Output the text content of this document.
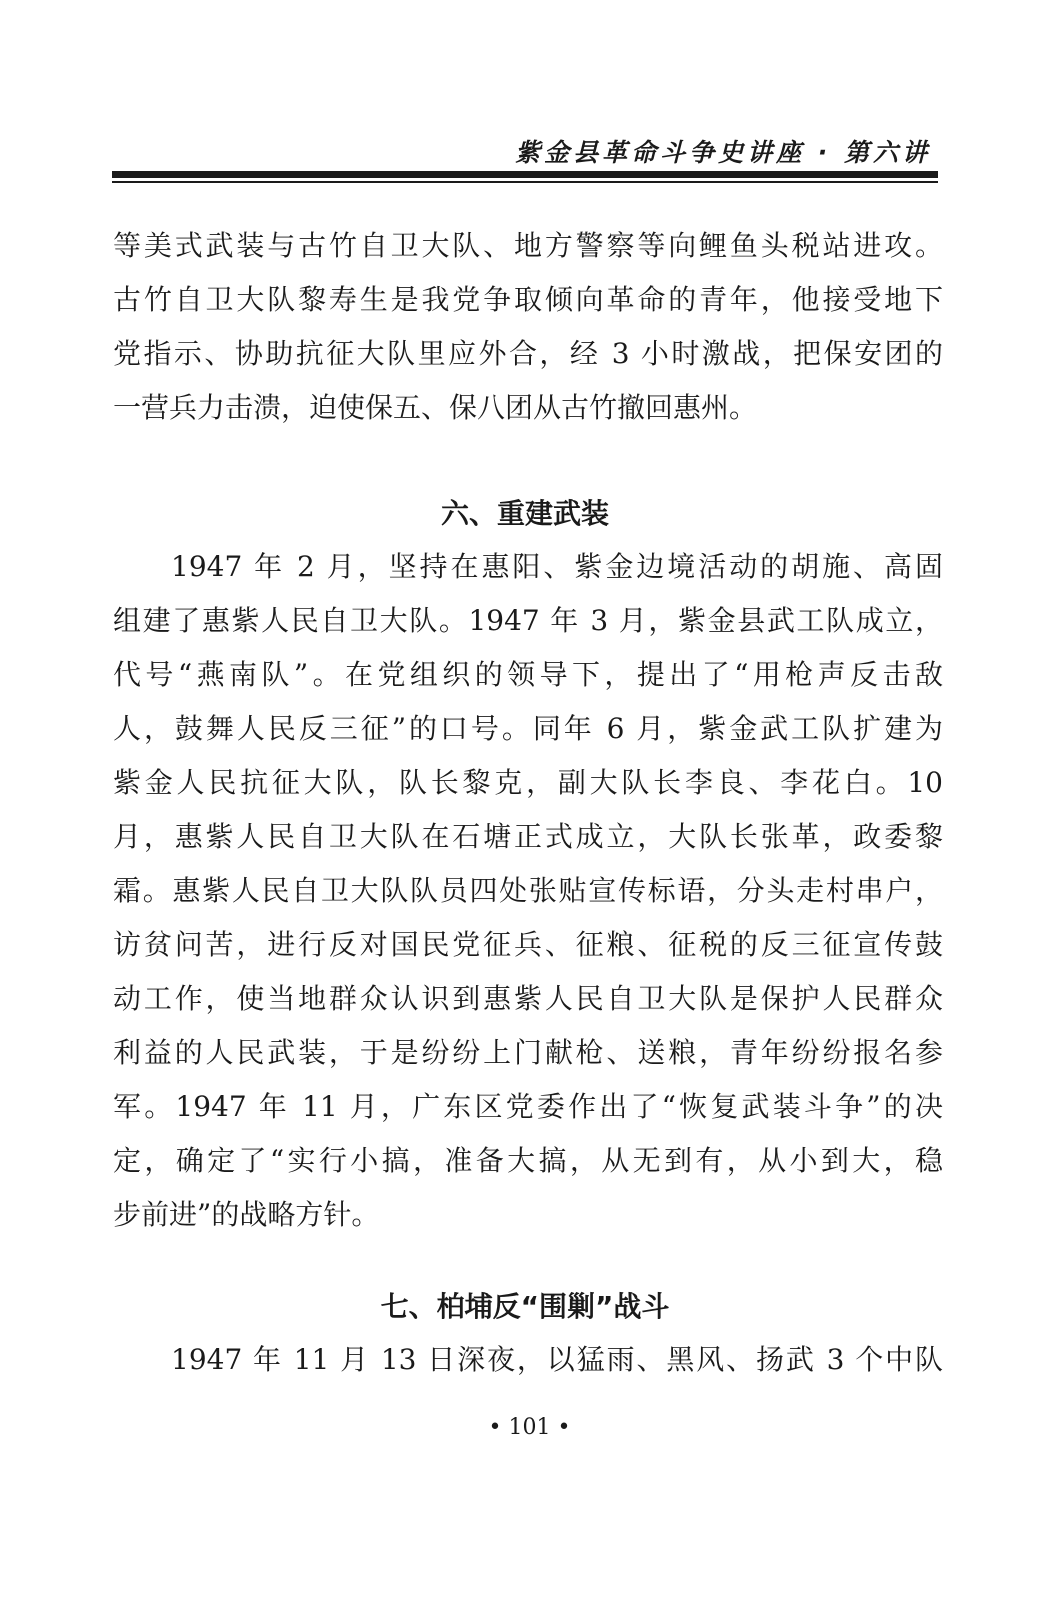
紫金县革命斗争史讲座 · 第六讲
等美式武装与古竹自卫大队、地方警察等向鲤鱼头税站进攻。
古竹自卫大队黎寿生是我党争取倾向革命的青年，他接受地下
党指示、协助抗征大队里应外合，经 3 小时激战，把保安团的
一营兵力击溃，迫使保五、保八团从古竹撤回惠州。
六、重建武装
1947 年 2 月，坚持在惠阳、紫金边境活动的胡施、高固
组建了惠紫人民自卫大队。1947 年 3 月，紫金县武工队成立，
代号“燕南队”。在党组织的领导下，提出了“用枪声反击敌
人，鼓舞人民反三征”的口号。同年 6 月，紫金武工队扩建为
紫金人民抗征大队，队长黎克，副大队长李良、李花白。10
月，惠紫人民自卫大队在石塘正式成立，大队长张革，政委黎
霜。惠紫人民自卫大队队员四处张贴宣传标语，分头走村串户，
访贫问苦，进行反对国民党征兵、征粮、征税的反三征宣传鼓
动工作，使当地群众认识到惠紫人民自卫大队是保护人民群众
利益的人民武装，于是纷纷上门献枪、送粮，青年纷纷报名参
军。1947 年 11 月，广东区党委作出了“恢复武装斗争”的决
定，确定了“实行小搞，准备大搞，从无到有，从小到大，稳
步前进”的战略方针。
七、柏埔反“围剿”战斗
1947 年 11 月 13 日深夜，以猛雨、黑风、扬武 3 个中队
• 101 •
